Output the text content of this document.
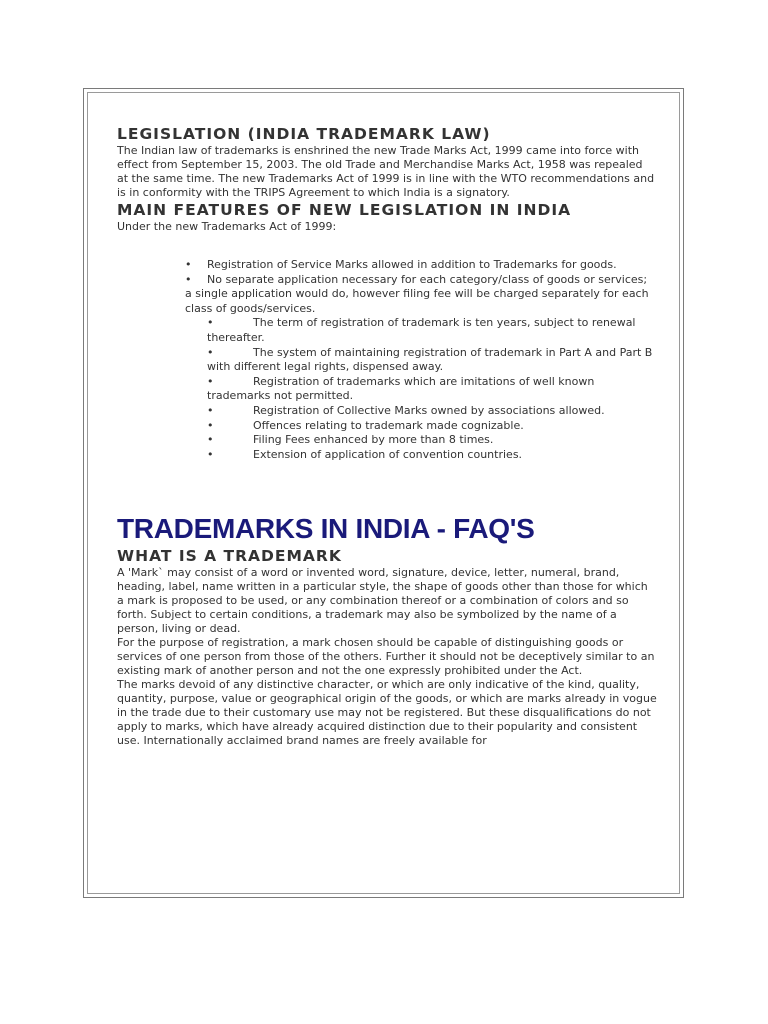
LEGISLATION (INDIA TRADEMARK LAW)

The Indian law of trademarks is enshrined the new Trade Marks Act, 1999 came into force with effect from September 15, 2003. The old Trade and Merchandise Marks Act, 1958 was repealed at the same time. The new Trademarks Act of 1999 is in line with the WTO recommendations and is in conformity with the TRIPS Agreement to which India is a signatory.

MAIN FEATURES OF NEW LEGISLATION IN INDIA

Under the new Trademarks Act of 1999:

• Registration of Service Marks allowed in addition to Trademarks for goods.
• No separate application necessary for each category/class of goods or services; a single application would do, however filing fee will be charged separately for each class of goods/services.
•	The term of registration of trademark is ten years, subject to renewal thereafter.
•	The system of maintaining registration of trademark in Part A and Part B with different legal rights, dispensed away.
•	Registration of trademarks which are imitations of well known trademarks not permitted.
•	Registration of Collective Marks owned by associations allowed.
•	Offences relating to trademark made cognizable.
•	Filing Fees enhanced by more than 8 times.
•	Extension of application of convention countries.
TRADEMARKS IN INDIA - FAQ'S
WHAT IS A TRADEMARK

A 'Mark` may consist of a word or invented word, signature, device, letter, numeral, brand, heading, label, name written in a particular style, the shape of goods other than those for which a mark is proposed to be used, or any combination thereof or a combination of colors and so forth. Subject to certain conditions, a trademark may also be symbolized by the name of a person, living or dead.

For the purpose of registration, a mark chosen should be capable of distinguishing goods or services of one person from those of the others. Further it should not be deceptively similar to an existing mark of another person and not the one expressly prohibited under the Act.

The marks devoid of any distinctive character, or which are only indicative of the kind, quality, quantity, purpose, value or geographical origin of the goods, or which are marks already in vogue in the trade due to their customary use may not be registered. But these disqualifications do not apply to marks, which have already acquired distinction due to their popularity and consistent use. Internationally acclaimed brand names are freely available for
